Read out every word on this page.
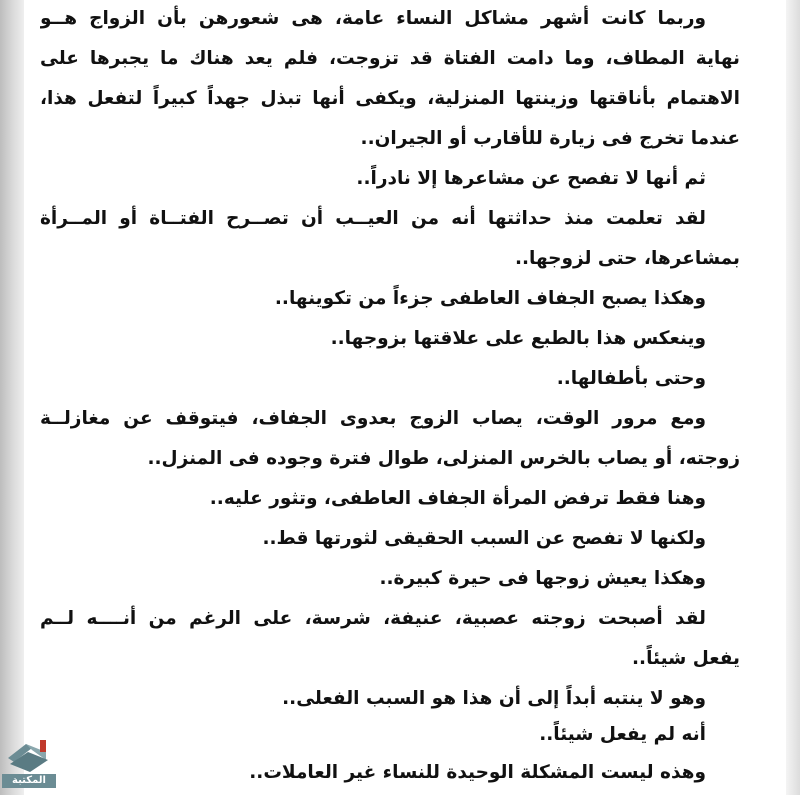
وربما كانت أشهر مشاكل النساء عامة، هى شعورهن بأن الزواج هــو
نهاية المطاف، وما دامت الفتاة قد تزوجت، فلم يعد هناك ما يجبرها على
الاهتمام بأناقتها وزينتها المنزلية، ويكفى أنها تبذل جهداً كبيراً لتفعل هذا،
عندما تخرج فى زيارة للأقارب أو الجيران..
ثم أنها لا تفصح عن مشاعرها إلا نادراً..
لقد تعلمت منذ حداثتها أنه من العيــب أن تصــرح الفتــاة أو المــرأة
بمشاعرها، حتى لزوجها..
وهكذا يصبح الجفاف العاطفى جزءاً من تكوينها..
وينعكس هذا بالطبع على علاقتها بزوجها..
وحتى بأطفالها..
ومع مرور الوقت، يصاب الزوج بعدوى الجفاف، فيتوقف عن مغازلــة
زوجته، أو يصاب بالخرس المنزلى، طوال فترة وجوده فى المنزل..
وهنا فقط ترفض المرأة الجفاف العاطفى، وتثور عليه..
ولكنها لا تفصح عن السبب الحقيقى لثورتها قط..
وهكذا يعيش زوجها فى حيرة كبيرة..
لقد أصبحت زوجته عصبية، عنيفة، شرسة، على الرغم من أنــــه لــم
يفعل شيئاً..
وهو لا ينتبه أبداً إلى أن هذا هو السبب الفعلى..
أنه لم يفعل شيئاً..
وهذه ليست المشكلة الوحيدة للنساء غير العاملات..
المكتبة
